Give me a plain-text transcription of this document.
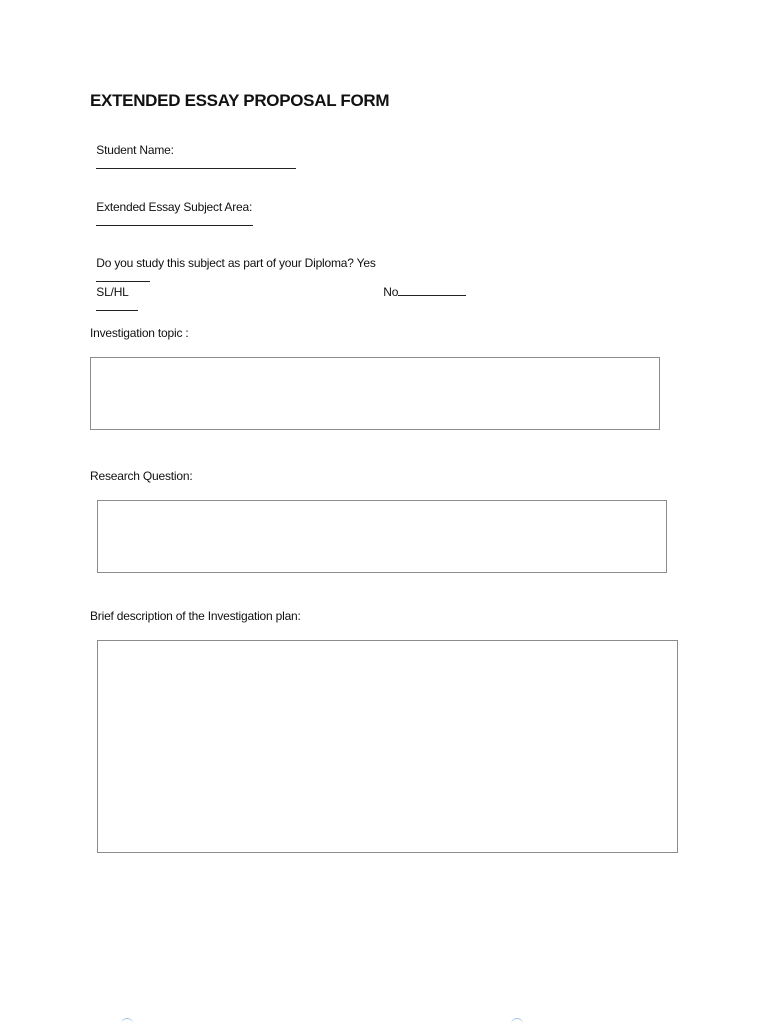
EXTENDED ESSAY PROPOSAL FORM

Student Name:

Extended Essay Subject Area:

Do you study this subject as part of your Diploma? Yes

SL/HL
	No

Investigation topic :
Research Question:
Brief description of the Investigation plan:
